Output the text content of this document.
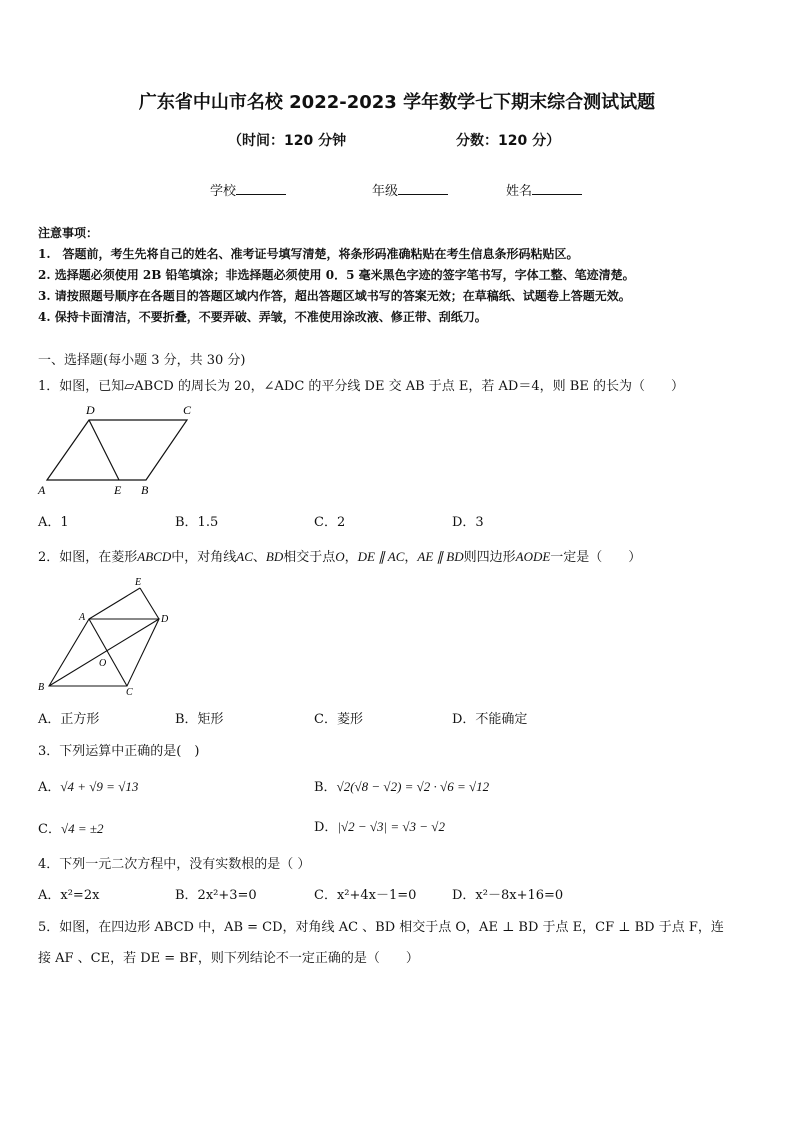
广东省中山市名校 2022-2023 学年数学七下期末综合测试试题
（时间：120 分钟	分数：120 分）
学校	年级	姓名
注意事项：
1.　答题前，考生先将自己的姓名、准考证号填写清楚，将条形码准确粘贴在考生信息条形码粘贴区。
2. 选择题必须使用 2B 铅笔填涂；非选择题必须使用 0．5 毫米黑色字迹的签字笔书写，字体工整、笔迹清楚。
3. 请按照题号顺序在各题目的答题区域内作答，超出答题区域书写的答案无效；在草稿纸、试题卷上答题无效。
4. 保持卡面清洁，不要折叠，不要弄破、弄皱，不准使用涂改液、修正带、刮纸刀。
一、选择题(每小题 3 分，共 30 分)
1．如图，已知▱ABCD 的周长为 20，∠ADC 的平分线 DE 交 AB 于点 E，若 AD＝4，则 BE 的长为（　　）
D	C
A	E B
A．1	B．1.5	C．2	D．3
2．如图，在菱形ABCD中，对角线AC、BD相交于点O，DE ∥ AC，AE ∥ BD则四边形AODE一定是（　　）
E
A	D
O
B	C
A．正方形	B．矩形	C．菱形	D．不能确定
3．下列运算中正确的是(　)
A．√4 + √9 = √13	B．√2(√8 − √2) = √2 · √6 = √12
C．√4 = ±2	D．|√2 − √3| = √3 − √2
4．下列一元二次方程中，没有实数根的是（ ）
A．x²=2x	B．2x²+3=0	C．x²+4x－1=0	D．x²－8x+16=0
5．如图，在四边形 ABCD 中，AB = CD，对角线 AC 、BD 相交于点 O，AE ⊥ BD 于点 E，CF ⊥ BD 于点 F，连
接 AF 、CE，若 DE = BF，则下列结论不一定正确的是（　　）
